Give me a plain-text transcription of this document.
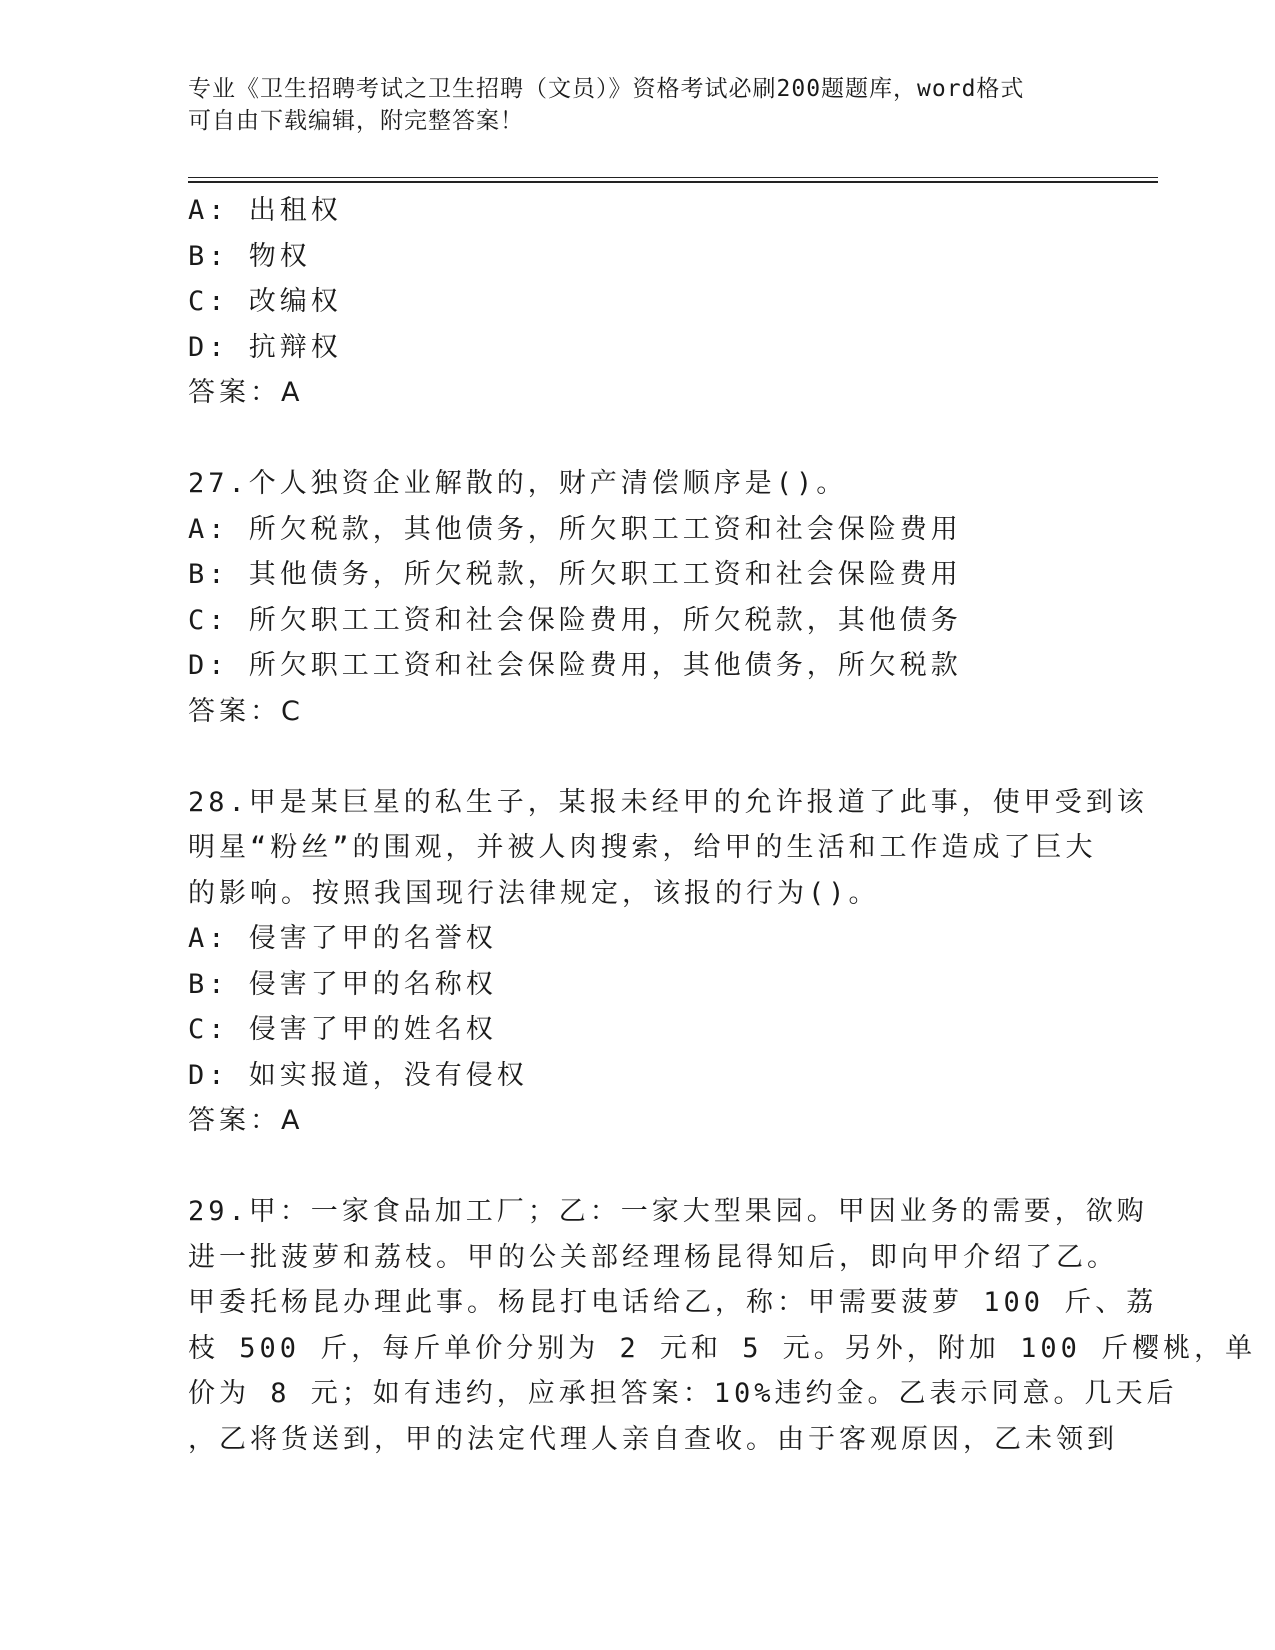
专业《卫生招聘考试之卫生招聘（文员）》资格考试必刷200题题库，word格式
可自由下载编辑，附完整答案！
A: 出租权
B: 物权
C: 改编权
D: 抗辩权
答案：A
27.个人独资企业解散的，财产清偿顺序是()。
A: 所欠税款，其他债务，所欠职工工资和社会保险费用
B: 其他债务，所欠税款，所欠职工工资和社会保险费用
C: 所欠职工工资和社会保险费用，所欠税款，其他债务
D: 所欠职工工资和社会保险费用，其他债务，所欠税款
答案：C
28.甲是某巨星的私生子，某报未经甲的允许报道了此事，使甲受到该
明星“粉丝”的围观，并被人肉搜索，给甲的生活和工作造成了巨大
的影响。按照我国现行法律规定，该报的行为()。
A: 侵害了甲的名誉权
B: 侵害了甲的名称权
C: 侵害了甲的姓名权
D: 如实报道，没有侵权
答案：A
29.甲：一家食品加工厂；乙：一家大型果园。甲因业务的需要，欲购
进一批菠萝和荔枝。甲的公关部经理杨昆得知后，即向甲介绍了乙。
甲委托杨昆办理此事。杨昆打电话给乙，称：甲需要菠萝 100 斤、荔
枝 500 斤，每斤单价分别为 2 元和 5 元。另外，附加 100 斤樱桃，单
价为 8 元；如有违约，应承担答案：10%违约金。乙表示同意。几天后
，乙将货送到，甲的法定代理人亲自查收。由于客观原因，乙未领到
